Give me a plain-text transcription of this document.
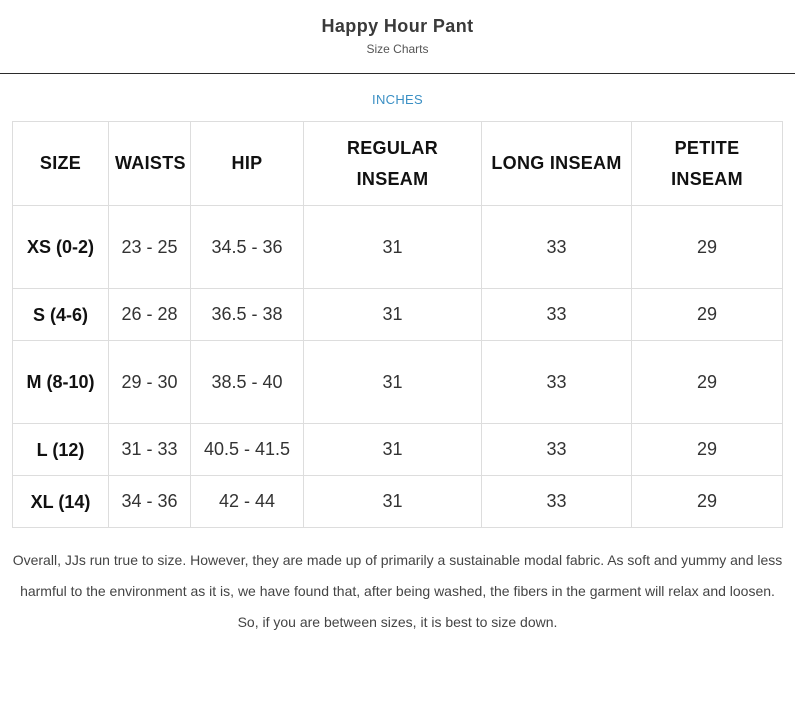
Happy Hour Pant
Size Charts
INCHES
SIZE	WAISTS	HIP	REGULAR INSEAM	LONG INSEAM	PETITE INSEAM
XS (0-2)	23 - 25	34.5 - 36	31	33	29
S (4-6)	26 - 28	36.5 - 38	31	33	29
M (8-10)	29 - 30	38.5 - 40	31	33	29
L (12)	31 - 33	40.5 - 41.5	31	33	29
XL (14)	34 - 36	42 - 44	31	33	29
Overall, JJs run true to size. However, they are made up of primarily a sustainable modal fabric. As soft and yummy and less
harmful to the environment as it is, we have found that, after being washed, the fibers in the garment will relax and loosen.
So, if you are between sizes, it is best to size down.
